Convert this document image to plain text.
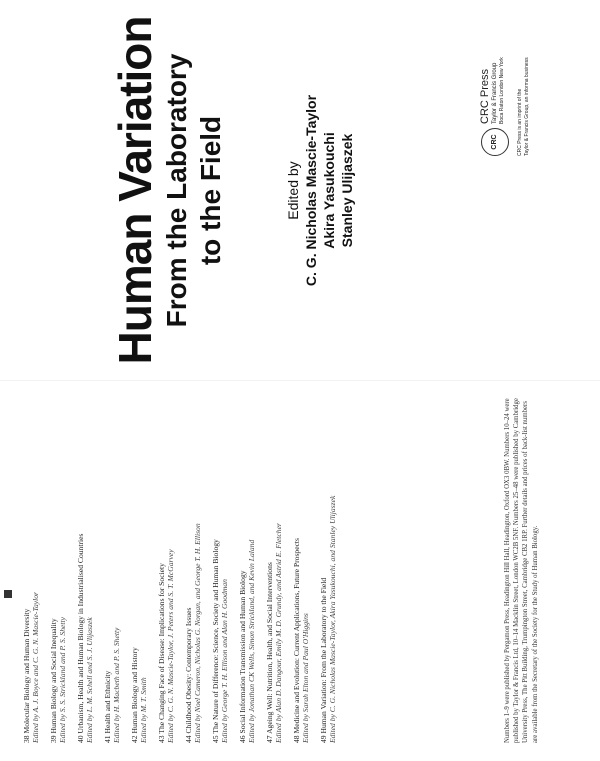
38 Molecular Biology and Human Diversity Edited by A. J. Boyce and C. G. N. Mascie-Taylor 39 Human Biology and Social Inequality Edited by S. S. Strickland and P. S. Shetty 40 Urbanism, Health and Human Biology in Industrialised Countries Edited by L. M. Schell and S. J. Ulijaszek 41 Health and Ethnicity Edited by H. Macbeth and P. S. Shetty 42 Human Biology and History Edited by M. T. Smith 43 The Changing Face of Disease: Implications for Society Edited by C. G. N. Mascie-Taylor, J. Peters and S. T. McGarvey 44 Childhood Obesity: Contemporary Issues Edited by Noel Cameron, Nicholas G. Norgan, and George T. H. Ellison 45 The Nature of Difference: Science, Society and Human Biology Edited by George T. H. Ellison and Alan H. Goodman 46 Social Information Transmission and Human Biology Edited by Jonathan CK Wells, Simon Strickland, and Kevin Laland 47 Ageing Well: Nutrition, Health, and Social Interventions Edited by Alan D. Dangour, Emily M. D. Grundy, and Astrid E. Fletcher 48 Medicine and Evolution: Current Applications, Future Prospects Edited by Sarah Elton and Paul O'Higgins 49 Human Variation: From the Laboratory to the Field Edited by C. G. Nicholas Mascie-Taylor, Akira Yasukouchi, and Stanley Ulijaszek	Numbers 1–9 were published by Pergamon Press, Headington Hill Hall, Headington, Oxford OX3 0BW. Numbers 10–24 were published by Taylor & Francis Ltd, 10–14 Macklin Street, London WC2B 5NF. Numbers 25–48 were published by Cambridge University Press, The Pitt Building, Trumpington Street, Cambridge CB2 1RP. Further details and prices of back-list numbers are available from the Secretary of the Society for the Study of Human Biology.
Human Variation From the Laboratory to the Field	Edited by C. G. Nicholas Mascie-Taylor Akira Yasukouchi Stanley Ulijaszek	CRC
CRC Press Taylor & Francis Group Boca Raton London New York CRC Press is an imprint of the Taylor & Francis Group, an informa business
